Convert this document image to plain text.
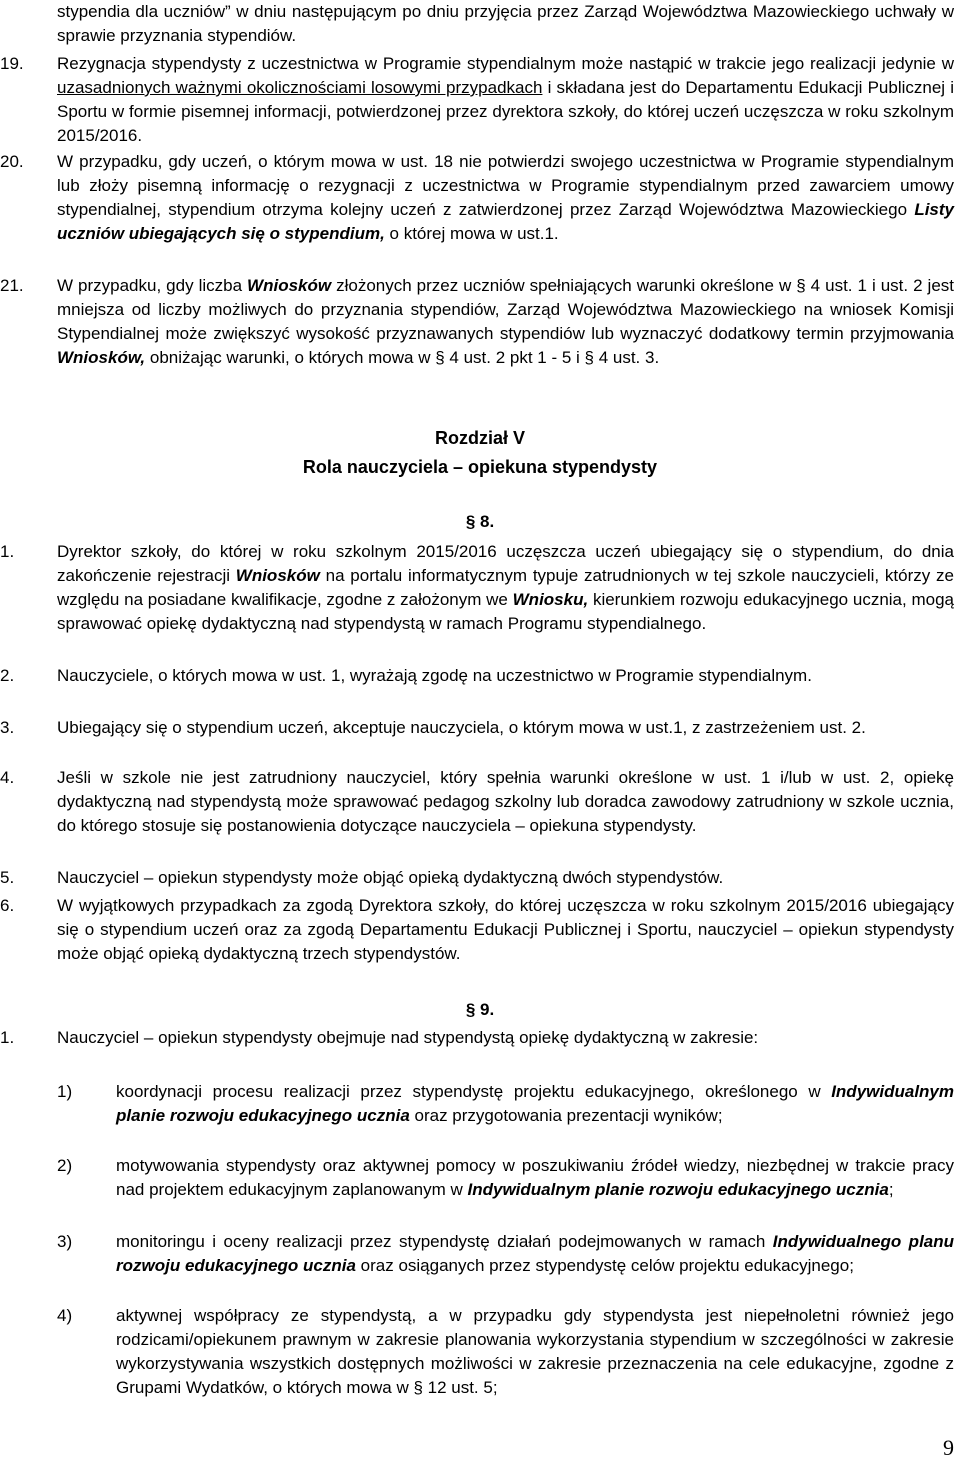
stypendia dla uczniów” w dniu następującym po dniu przyjęcia przez Zarząd Województwa Mazowieckiego uchwały w sprawie przyznania stypendiów.
19. Rezygnacja stypendysty z uczestnictwa w Programie stypendialnym może nastąpić w trakcie jego realizacji jedynie w uzasadnionych ważnymi okolicznościami losowymi przypadkach i składana jest do Departamentu Edukacji Publicznej i Sportu w formie pisemnej informacji, potwierdzonej przez dyrektora szkoły, do której uczeń uczęszcza w roku szkolnym 2015/2016.
20. W przypadku, gdy uczeń, o którym mowa w ust. 18 nie potwierdzi swojego uczestnictwa w Programie stypendialnym lub złoży pisemną informację o rezygnacji z uczestnictwa w Programie stypendialnym przed zawarciem umowy stypendialnej, stypendium otrzyma kolejny uczeń z zatwierdzonej przez Zarząd Województwa Mazowieckiego Listy uczniów ubiegających się o stypendium, o której mowa w ust.1.
21. W przypadku, gdy liczba Wniosków złożonych przez uczniów spełniających warunki określone w § 4 ust. 1 i ust. 2 jest mniejsza od liczby możliwych do przyznania stypendiów, Zarząd Województwa Mazowieckiego na wniosek Komisji Stypendialnej może zwiększyć wysokość przyznawanych stypendiów lub wyznaczyć dodatkowy termin przyjmowania Wniosków, obniżając warunki, o których mowa w § 4 ust. 2 pkt 1 - 5 i § 4 ust. 3.
Rozdział V
Rola nauczyciela – opiekuna stypendysty
§ 8.
1.	Dyrektor szkoły, do której w roku szkolnym 2015/2016 uczęszcza uczeń ubiegający się o stypendium, do dnia zakończenie rejestracji Wniosków na portalu informatycznym typuje zatrudnionych w tej szkole nauczycieli, którzy ze względu na posiadane kwalifikacje, zgodne z założonym we Wniosku, kierunkiem rozwoju edukacyjnego ucznia, mogą sprawować opiekę dydaktyczną nad stypendystą w ramach Programu stypendialnego.
2.	Nauczyciele, o których mowa w ust. 1, wyrażają zgodę na uczestnictwo w Programie stypendialnym.
3.	Ubiegający się o stypendium uczeń, akceptuje nauczyciela, o którym mowa w ust.1, z zastrzeżeniem ust. 2.
4.	Jeśli w szkole nie jest zatrudniony nauczyciel, który spełnia warunki określone w ust. 1 i/lub w ust. 2, opiekę dydaktyczną nad stypendystą może sprawować pedagog szkolny lub doradca zawodowy zatrudniony w szkole ucznia, do którego stosuje się postanowienia dotyczące nauczyciela – opiekuna stypendysty.
5.	Nauczyciel – opiekun stypendysty może objąć opieką dydaktyczną dwóch stypendystów.
6.	W wyjątkowych przypadkach za zgodą Dyrektora szkoły, do której uczęszcza w roku szkolnym 2015/2016 ubiegający się o stypendium uczeń oraz za zgodą Departamentu Edukacji Publicznej i Sportu, nauczyciel – opiekun stypendysty może objąć opieką dydaktyczną trzech stypendystów.
§ 9.
1.	Nauczyciel – opiekun stypendysty obejmuje nad stypendystą opiekę dydaktyczną w zakresie:
1)	koordynacji procesu realizacji przez stypendystę projektu edukacyjnego, określonego w Indywidualnym planie rozwoju edukacyjnego ucznia oraz przygotowania prezentacji wyników;
2)	motywowania stypendysty oraz aktywnej pomocy w poszukiwaniu źródeł wiedzy, niezbędnej w trakcie pracy nad projektem edukacyjnym zaplanowanym w Indywidualnym planie rozwoju edukacyjnego ucznia;
3)	monitoringu i oceny realizacji przez stypendystę działań podejmowanych w ramach Indywidualnego planu rozwoju edukacyjnego ucznia oraz osiąganych przez stypendystę celów projektu edukacyjnego;
4)	aktywnej współpracy ze stypendystą, a w przypadku gdy stypendysta jest niepełnoletni również jego rodzicami/opiekunem prawnym w zakresie planowania wykorzystania stypendium w szczególności w zakresie wykorzystywania wszystkich dostępnych możliwości w zakresie przeznaczenia na cele edukacyjne, zgodne z Grupami Wydatków, o których mowa w § 12 ust. 5;
9
